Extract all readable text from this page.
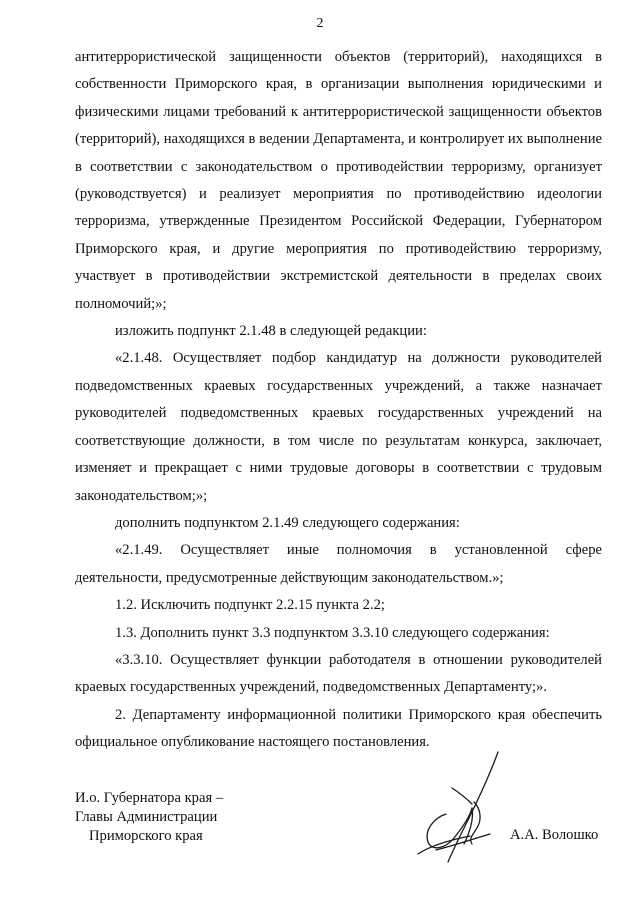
2

антитеррористической защищенности объектов (территорий), находящихся в собственности Приморского края, в организации выполнения юридическими и физическими лицами требований к антитеррористической защищенности объектов (территорий), находящихся в ведении Департамента, и контролирует их выполнение в соответствии с законодательством о противодействии терроризму, организует (руководствуется) и реализует мероприятия по противодействию идеологии терроризма, утвержденные Президентом Российской Федерации, Губернатором Приморского края, и другие мероприятия по противодействию терроризму, участвует в противодействии экстремистской деятельности в пределах своих полномочий;»;

изложить подпункт 2.1.48 в следующей редакции:

«2.1.48. Осуществляет подбор кандидатур на должности руководителей подведомственных краевых государственных учреждений, а также назначает руководителей подведомственных краевых государственных учреждений на соответствующие должности, в том числе по результатам конкурса, заключает, изменяет и прекращает с ними трудовые договоры в соответствии с трудовым законодательством;»;

дополнить подпунктом 2.1.49 следующего содержания:

«2.1.49. Осуществляет иные полномочия в установленной сфере деятельности, предусмотренные действующим законодательством.»;

1.2. Исключить подпункт 2.2.15 пункта 2.2;

1.3. Дополнить пункт 3.3 подпунктом 3.3.10 следующего содержания:

«3.3.10. Осуществляет функции работодателя в отношении руководителей краевых государственных учреждений, подведомственных Департаменту;».

2. Департаменту информационной политики Приморского края обеспечить официальное опубликование настоящего постановления.

И.о. Губернатора края –
Главы Администрации
Приморского края	А.А. Волошко
